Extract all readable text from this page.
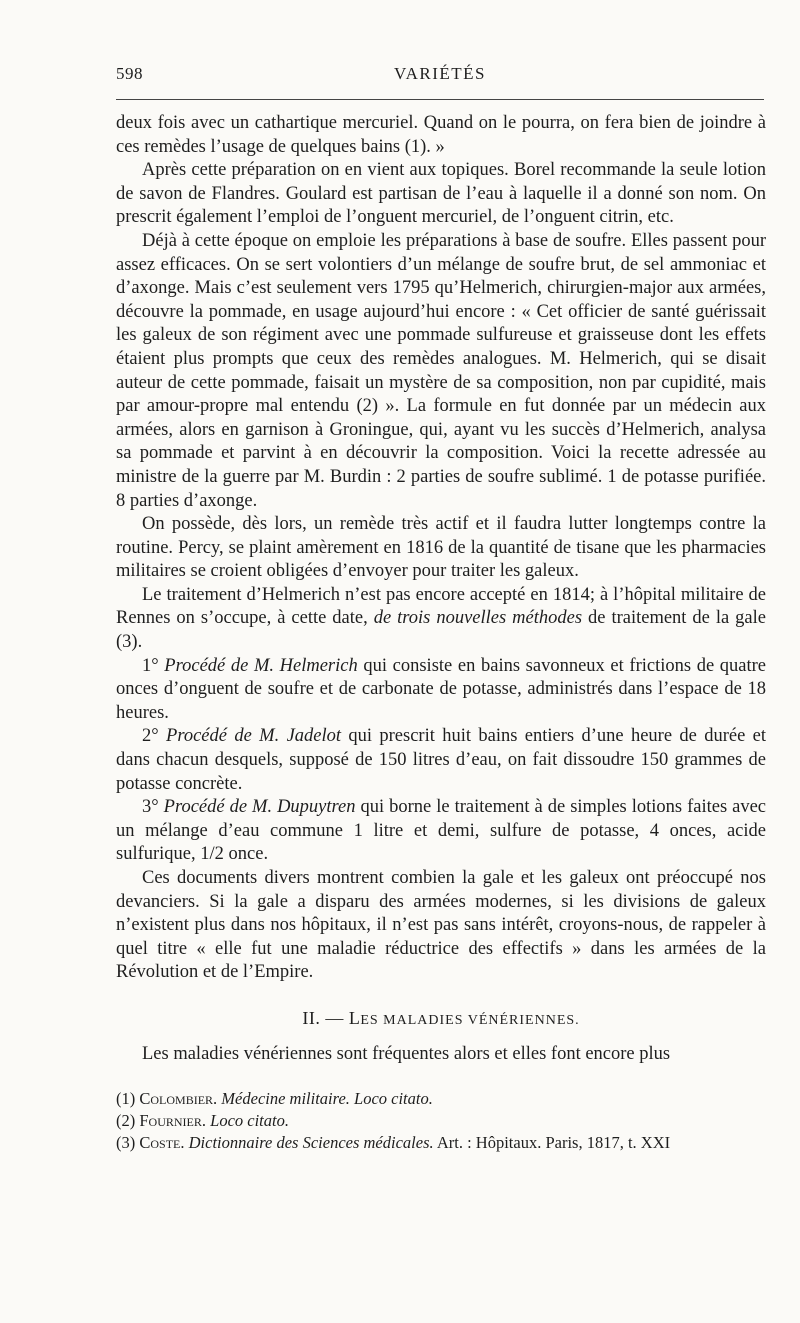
598	VARIÉTÉS

deux fois avec un cathartique mercuriel. Quand on le pourra, on fera bien de joindre à ces remèdes l’usage de quelques bains (1). »

Après cette préparation on en vient aux topiques. Borel recommande la seule lotion de savon de Flandres. Goulard est partisan de l’eau à laquelle il a donné son nom. On prescrit également l’emploi de l’onguent mercuriel, de l’onguent citrin, etc.

Déjà à cette époque on emploie les préparations à base de soufre. Elles passent pour assez efficaces. On se sert volontiers d’un mélange de soufre brut, de sel ammoniac et d’axonge. Mais c’est seulement vers 1795 qu’Helmerich, chirurgien-major aux armées, découvre la pommade, en usage aujourd’hui encore : « Cet officier de santé guérissait les galeux de son régiment avec une pommade sulfureuse et graisseuse dont les effets étaient plus prompts que ceux des remèdes analogues. M. Helmerich, qui se disait auteur de cette pommade, faisait un mystère de sa composition, non par cupidité, mais par amour-propre mal entendu (2) ». La formule en fut donnée par un médecin aux armées, alors en garnison à Groningue, qui, ayant vu les succès d’Helmerich, analysa sa pommade et parvint à en découvrir la composition. Voici la recette adressée au ministre de la guerre par M. Burdin : 2 parties de soufre sublimé. 1 de potasse purifiée. 8 parties d’axonge.

On possède, dès lors, un remède très actif et il faudra lutter longtemps contre la routine. Percy, se plaint amèrement en 1816 de la quantité de tisane que les pharmacies militaires se croient obligées d’envoyer pour traiter les galeux.

Le traitement d’Helmerich n’est pas encore accepté en 1814; à l’hôpital militaire de Rennes on s’occupe, à cette date, de trois nouvelles méthodes de traitement de la gale (3).

1° Procédé de M. Helmerich qui consiste en bains savonneux et frictions de quatre onces d’onguent de soufre et de carbonate de potasse, administrés dans l’espace de 18 heures.

2° Procédé de M. Jadelot qui prescrit huit bains entiers d’une heure de durée et dans chacun desquels, supposé de 150 litres d’eau, on fait dissoudre 150 grammes de potasse concrète.

3° Procédé de M. Dupuytren qui borne le traitement à de simples lotions faites avec un mélange d’eau commune 1 litre et demi, sulfure de potasse, 4 onces, acide sulfurique, 1/2 once.

Ces documents divers montrent combien la gale et les galeux ont préoccupé nos devanciers. Si la gale a disparu des armées modernes, si les divisions de galeux n’existent plus dans nos hôpitaux, il n’est pas sans intérêt, croyons-nous, de rappeler à quel titre « elle fut une maladie réductrice des effectifs » dans les armées de la Révolution et de l’Empire.

II. — LES MALADIES VÉNÉRIENNES.

Les maladies vénériennes sont fréquentes alors et elles font encore plus

(1) Colombier. Médecine militaire. Loco citato.
(2) Fournier. Loco citato.
(3) Coste. Dictionnaire des Sciences médicales. Art. : Hôpitaux. Paris, 1817, t. XXI
